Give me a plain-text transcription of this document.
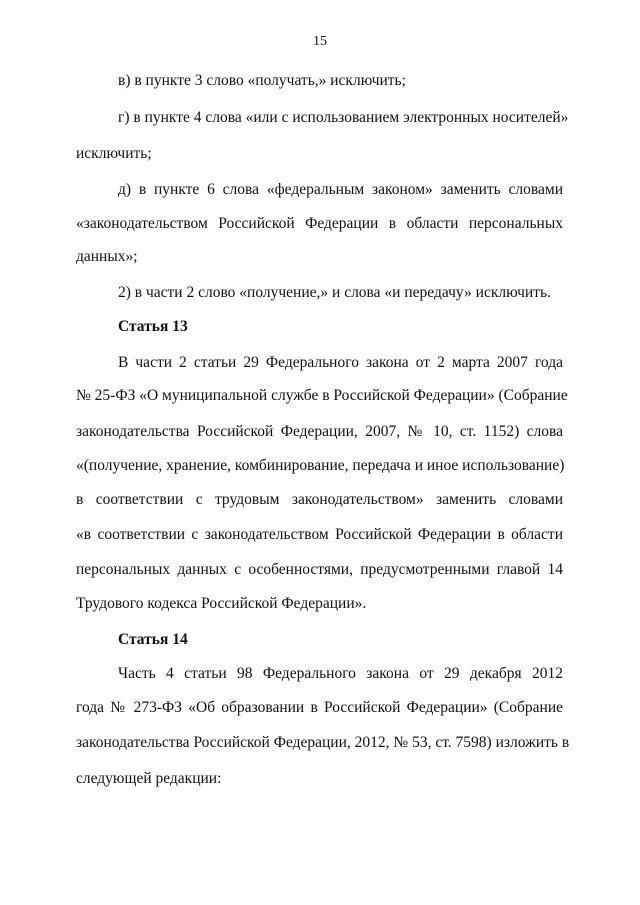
15
в) в пункте 3 слово «получать,» исключить;
г) в пункте 4 слова «или с использованием электронных носителей»
исключить;
д) в пункте 6 слова «федеральным законом» заменить словами
«законодательством Российской Федерации в области персональных
данных»;
2) в части 2 слово «получение,» и слова «и передачу» исключить.
Статья 13
В части 2 статьи 29 Федерального закона от 2 марта 2007 года
№ 25-ФЗ «О муниципальной службе в Российской Федерации» (Собрание
законодательства Российской Федерации, 2007, № 10, ст. 1152) слова
«(получение, хранение, комбинирование, передача и иное использование)
в соответствии с трудовым законодательством» заменить словами
«в соответствии с законодательством Российской Федерации в области
персональных данных с особенностями, предусмотренными главой 14
Трудового кодекса Российской Федерации».
Статья 14
Часть 4 статьи 98 Федерального закона от 29 декабря 2012
года № 273-ФЗ «Об образовании в Российской Федерации» (Собрание
законодательства Российской Федерации, 2012, № 53, ст. 7598) изложить в
следующей редакции:
